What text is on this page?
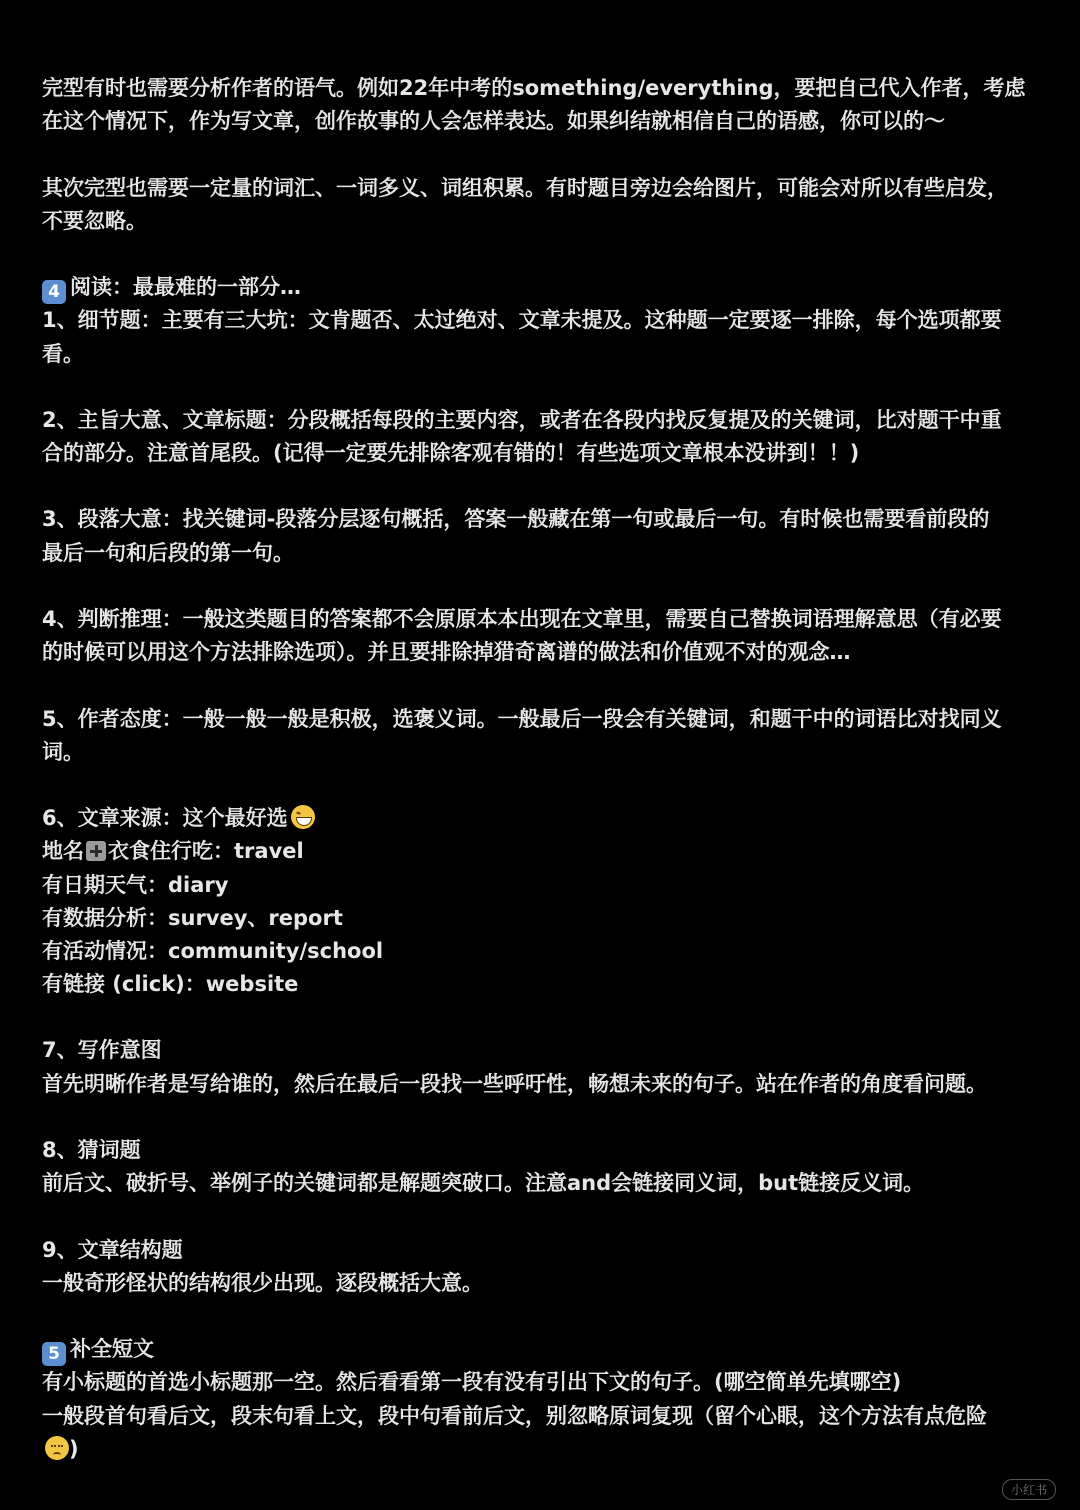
完型有时也需要分析作者的语气。例如22年中考的something/everything，要把自己代入作者，考虑
在这个情况下，作为写文章，创作故事的人会怎样表达。如果纠结就相信自己的语感，你可以的～
其次完型也需要一定量的词汇、一词多义、词组积累。有时题目旁边会给图片，可能会对所以有些启发，
不要忽略。
4 阅读：最最难的一部分…
1、细节题：主要有三大坑：文肯题否、太过绝对、文章未提及。这种题一定要逐一排除，每个选项都要
看。
2、主旨大意、文章标题：分段概括每段的主要内容，或者在各段内找反复提及的关键词，比对题干中重
合的部分。注意首尾段。(记得一定要先排除客观有错的！有些选项文章根本没讲到！！)
3、段落大意：找关键词-段落分层逐句概括，答案一般藏在第一句或最后一句。有时候也需要看前段的
最后一句和后段的第一句。
4、判断推理：一般这类题目的答案都不会原原本本出现在文章里，需要自己替换词语理解意思（有必要
的时候可以用这个方法排除选项）。并且要排除掉猎奇离谱的做法和价值观不对的观念…
5、作者态度：一般一般一般是积极，选褒义词。一般最后一段会有关键词，和题干中的词语比对找同义
词。
6、文章来源：这个最好选
地名 衣食住行吃：travel
有日期天气：diary
有数据分析：survey、report
有活动情况：community/school
有链接 (click)：website
7、写作意图
首先明晰作者是写给谁的，然后在最后一段找一些呼吁性，畅想未来的句子。站在作者的角度看问题。
8、猜词题
前后文、破折号、举例子的关键词都是解题突破口。注意and会链接同义词，but链接反义词。
9、文章结构题
一般奇形怪状的结构很少出现。逐段概括大意。
5 补全短文
有小标题的首选小标题那一空。然后看看第一段有没有引出下文的句子。(哪空简单先填哪空)
一般段首句看后文，段末句看上文，段中句看前后文，别忽略原词复现（留个心眼，这个方法有点危险
)
小红书
